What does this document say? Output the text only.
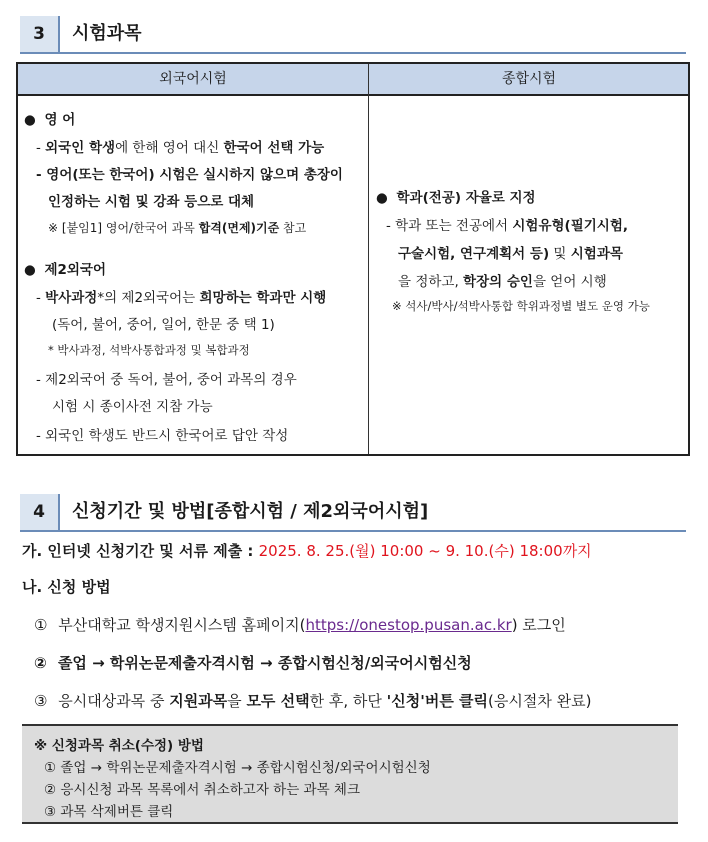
3	시험과목
외국어시험	종합시험
● 영 어
- 외국인 학생에 한해 영어 대신 한국어 선택 가능
- 영어(또는 한국어) 시험은 실시하지 않으며 총장이
인정하는 시험 및 강좌 등으로 대체
※ [붙임1] 영어/한국어 과목 합격(면제)기준 참고
● 제2외국어
- 박사과정*의 제2외국어는 희망하는 학과만 시행
(독어, 불어, 중어, 일어, 한문 중 택 1)
* 박사과정, 석박사통합과정 및 복합과정
- 제2외국어 중 독어, 불어, 중어 과목의 경우
시험 시 종이사전 지참 가능
- 외국인 학생도 반드시 한국어로 답안 작성
● 학과(전공) 자율로 지정
- 학과 또는 전공에서 시험유형(필기시험,
구술시험, 연구계획서 등) 및 시험과목
을 정하고, 학장의 승인을 얻어 시행
※ 석사/박사/석박사통합 학위과정별 별도 운영 가능
4	신청기간 및 방법[종합시험 / 제2외국어시험]
가. 인터넷 신청기간 및 서류 제출 : 2025. 8. 25.(월) 10:00 ~ 9. 10.(수) 18:00까지
나. 신청 방법
① 부산대학교 학생지원시스템 홈페이지(https://onestop.pusan.ac.kr) 로그인
② 졸업 → 학위논문제출자격시험 → 종합시험신청/외국어시험신청
③ 응시대상과목 중 지원과목을 모두 선택한 후, 하단 '신청'버튼 클릭(응시절차 완료)
※ 신청과목 취소(수정) 방법
① 졸업 → 학위논문제출자격시험 → 종합시험신청/외국어시험신청
② 응시신청 과목 목록에서 취소하고자 하는 과목 체크
③ 과목 삭제버튼 클릭
